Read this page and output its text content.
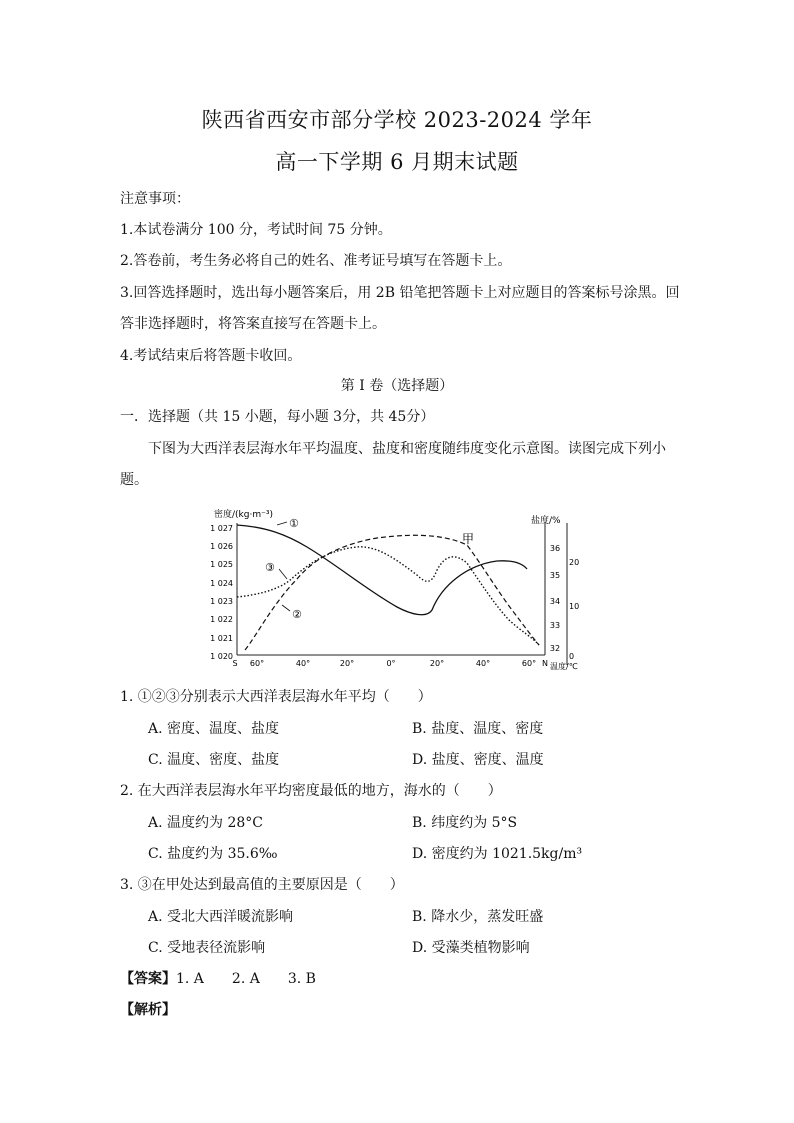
陕西省西安市部分学校 2023-2024 学年
高一下学期 6 月期末试题
注意事项：
1.本试卷满分 100 分，考试时间 75 分钟。
2.答卷前，考生务必将自己的姓名、准考证号填写在答题卡上。
3.回答选择题时，选出每小题答案后，用 2B 铅笔把答题卡上对应题目的答案标号涂黑。回
答非选择题时，将答案直接写在答题卡上。
4.考试结束后将答题卡收回。
第 I 卷（选择题）
一．选择题（共 15 小题，每小题 3分，共 45分）
下图为大西洋表层海水年平均温度、盐度和密度随纬度变化示意图。读图完成下列小
题。
密度/(kg·m⁻³)
盐度/%
温度/℃
1 027
1 026
1 025
1 024
1 023
1 022
1 021
1 020
36
35
34
33
32
20
10
0
S 60°	40°	20°	0°	20°	40°	60° N
①
②
③
甲
1. ①②③分别表示大西洋表层海水年平均（　　）
A. 密度、温度、盐度	B. 盐度、温度、密度
C. 温度、密度、盐度	D. 盐度、密度、温度
2. 在大西洋表层海水年平均密度最低的地方，海水的（　　）
A. 温度约为 28°C	B. 纬度约为 5°S
C. 盐度约为 35.6‰	D. 密度约为 1021.5kg/m³
3. ③在甲处达到最高值的主要原因是（　　）
A. 受北大西洋暖流影响	B. 降水少，蒸发旺盛
C. 受地表径流影响	D. 受藻类植物影响
【答案】1. A　　2. A　　3. B
【解析】
